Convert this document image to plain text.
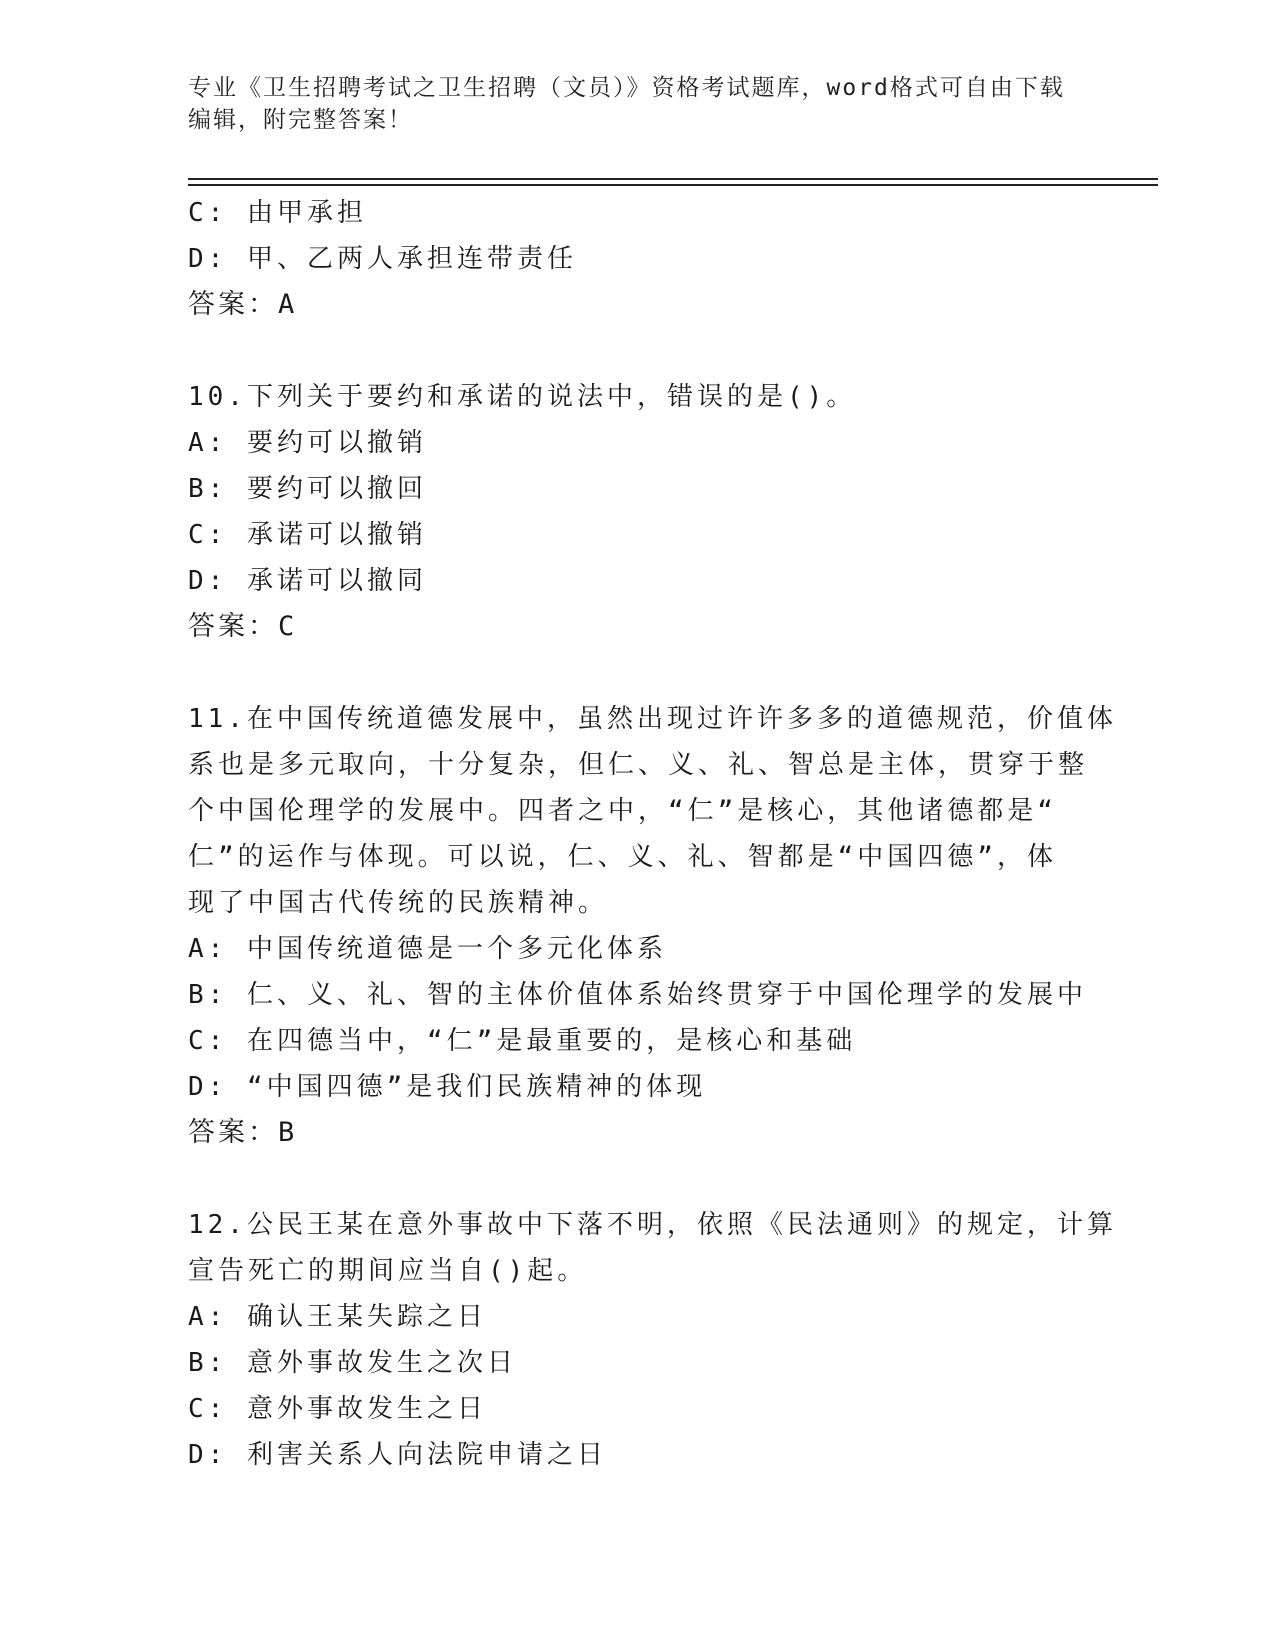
专业《卫生招聘考试之卫生招聘（文员）》资格考试题库，word格式可自由下载
编辑，附完整答案！
C: 由甲承担
D: 甲、乙两人承担连带责任
答案：A
10.下列关于要约和承诺的说法中，错误的是()。
A: 要约可以撤销
B: 要约可以撤回
C: 承诺可以撤销
D: 承诺可以撤同
答案：C
11.在中国传统道德发展中，虽然出现过许许多多的道德规范，价值体
系也是多元取向，十分复杂，但仁、义、礼、智总是主体，贯穿于整
个中国伦理学的发展中。四者之中，“仁”是核心，其他诸德都是“
仁”的运作与体现。可以说，仁、义、礼、智都是“中国四德”，体
现了中国古代传统的民族精神。
A: 中国传统道德是一个多元化体系
B: 仁、义、礼、智的主体价值体系始终贯穿于中国伦理学的发展中
C: 在四德当中，“仁”是最重要的，是核心和基础
D: “中国四德”是我们民族精神的体现
答案：B
12.公民王某在意外事故中下落不明，依照《民法通则》的规定，计算
宣告死亡的期间应当自()起。
A: 确认王某失踪之日
B: 意外事故发生之次日
C: 意外事故发生之日
D: 利害关系人向法院申请之日
